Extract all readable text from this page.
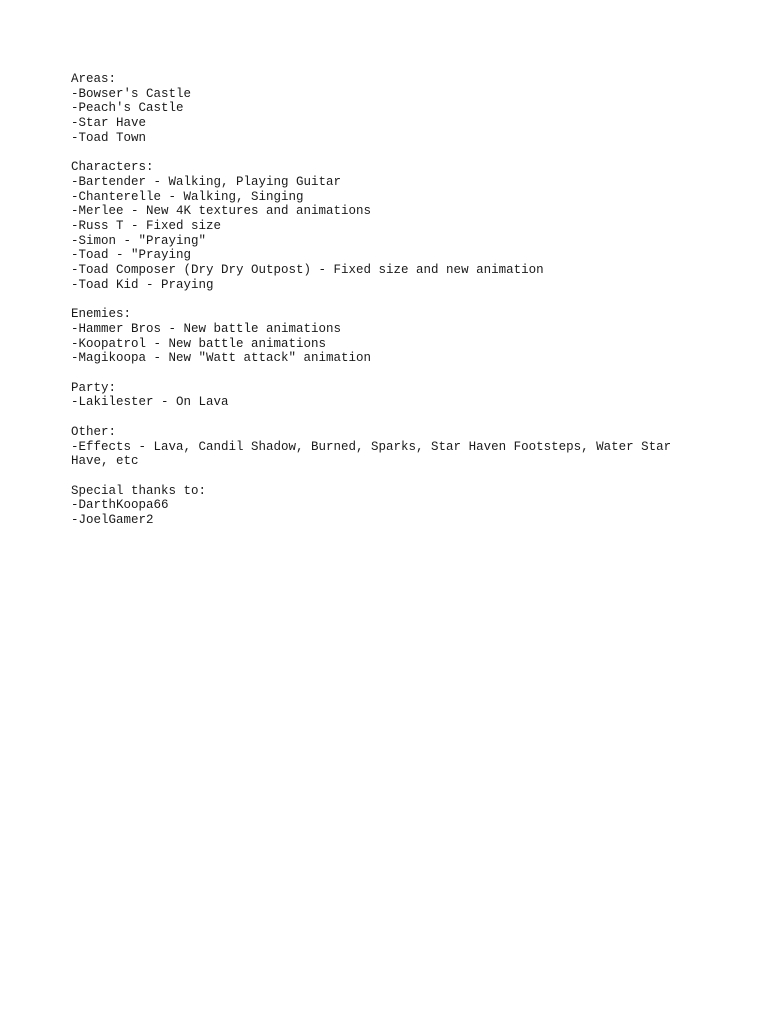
Areas:
-Bowser's Castle
-Peach's Castle
-Star Have
-Toad Town
Characters:
-Bartender - Walking, Playing Guitar
-Chanterelle - Walking, Singing
-Merlee - New 4K textures and animations
-Russ T - Fixed size
-Simon - "Praying"
-Toad - "Praying
-Toad Composer (Dry Dry Outpost) - Fixed size and new animation
-Toad Kid - Praying
Enemies:
-Hammer Bros - New battle animations
-Koopatrol - New battle animations
-Magikoopa - New "Watt attack" animation
Party:
-Lakilester - On Lava
Other:
-Effects - Lava, Candil Shadow, Burned, Sparks, Star Haven Footsteps, Water Star Have, etc
Special thanks to:
-DarthKoopa66
-JoelGamer2
